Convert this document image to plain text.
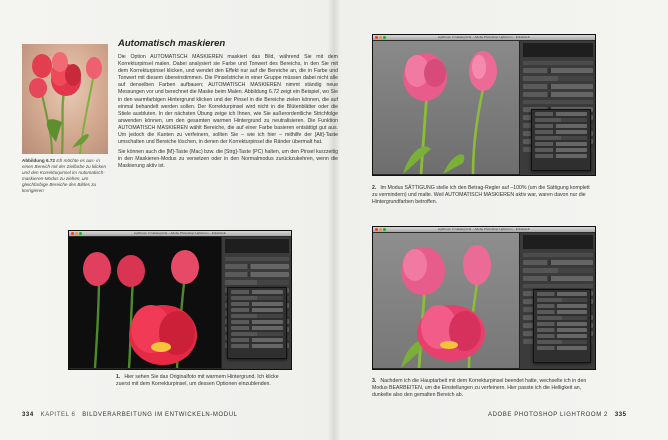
Abbildung 6.72 Ich möchte es aus- in einen Bereich mit der Zielfarbe zu klicken und den Korrekturpinsel im Automatisch-maskieren-Modus zu ziehen, um gleichfarbige Bereiche des Bildes zu korrigieren
Automatisch maskieren

Die Option AUTOMATISCH MASKIEREN maskiert das Bild, während Sie mit dem Korrekturpinsel malen. Dabei analysiert sie Farbe und Tonwert des Bereichs, in den Sie mit dem Korrekturpinsel klicken, und wendet den Effekt nur auf die Bereiche an, die in Farbe und Tonwert mit diesem übereinstimmen. Die Pinselstriche in einer Gruppe müssen dabei nicht alle auf denselben Farben aufbauen; AUTOMATISCH MASKIEREN nimmt ständig neue Messungen vor und berechnet die Maske beim Malen. Abbildung 6.72 zeigt ein Beispiel, wo Sie in den warmfarbigen Hintergrund klicken und der Pinsel in die Bereiche zielen können, die auf einmal behandelt werden sollen. Der Korrekturpinsel wird nicht in die Blütenblätter oder die Stiele ausbluten. In der nächsten Übung zeige ich Ihnen, wie Sie außerordentliche Strichfolge anwenden können, um den gesamten warmen Hintergrund zu neutralisieren. Die Funktion AUTOMATISCH MASKIEREN wählt Bereiche, die auf einer Farbe basieren entsättigt gut aus. Um jedoch die Kanten zu verfeinern, sollten Sie – wie ich hier – mithilfe der [Alt]-Taste umschalten und Bereiche löschen, in denen der Korrekturpinsel die Ränder übermalt hat.

Sie können auch die [M]-Taste (Mac) bzw. die [Strg]-Taste (PC) halten, um den Pinsel kurzzeitig in den Maskieren-Modus zu versetzen oder in den Normalmodus zurückzukehren, wenn die Maskierung aktiv ist.

Lightroom 2 Catalog.lrcat – Adobe Photoshop Lightroom – Entwickeln
1. Hier sehen Sie das Originalfoto mit warmem Hintergrund. Ich klicke zuerst mit dem Korrekturpinsel, um dessen Optionen einzublenden.
334 KAPITEL 6 BILDVERARBEITUNG IM ENTWICKELN-MODUL
Lightroom 2 Catalog.lrcat – Adobe Photoshop Lightroom – Entwickeln
2. Im Modus SÄTTIGUNG stelle ich den Betrag-Regler auf –100% (um die Sättigung komplett zu vermindern) und malte. Weil AUTOMATISCH MASKIEREN aktiv war, waren davon nur die Hintergrundfarben betroffen.
Lightroom 2 Catalog.lrcat – Adobe Photoshop Lightroom – Entwickeln
3. Nachdem ich die Hauptarbeit mit dem Korrekturpinsel beendet hatte, wechselte ich in den Modus BEARBEITEN, um die Einstellungen zu verfeinern. Hier passte ich die Helligkeit an, dunkelte also den gemalten Bereich ab.
ADOBE PHOTOSHOP LIGHTROOM 2 335
